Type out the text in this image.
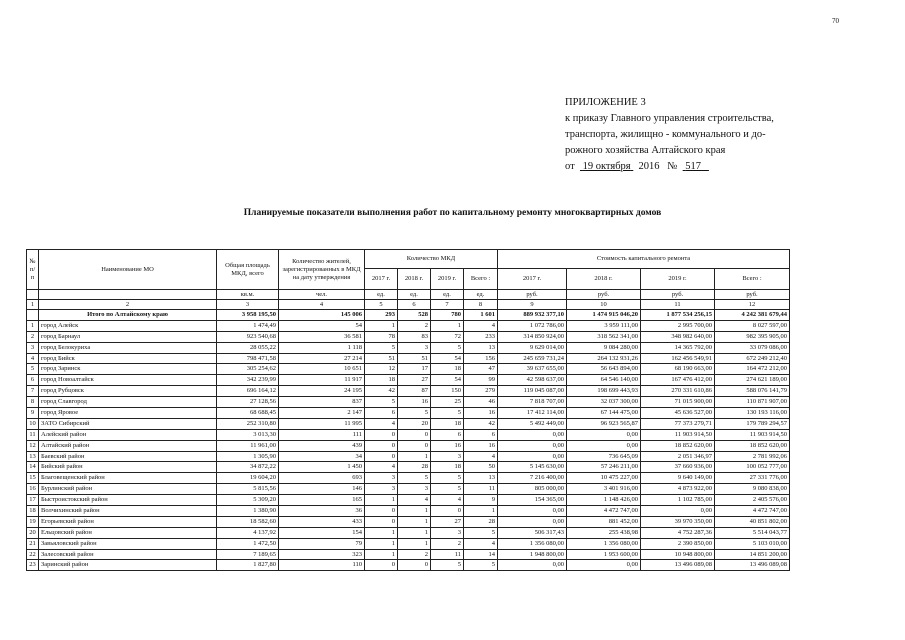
70
ПРИЛОЖЕНИЕ 3
к приказу Главного управления строительства,
транспорта, жилищно - коммунального и до-
рожного хозяйства Алтайского края
от 19 октября 2016 № 517
Планируемые показатели выполнения работ по капитальному ремонту многоквартирных домов
№ п/п	Наименование МО	Общая площадь МКД, всего	Количество жителей, зарегистрированных в МКД на дату утверждения	Количество МКД				Стоимость капитального ремонта			
				2017 г.	2018 г.	2019 г.	Всего :	2017 г.	2018 г.	2019 г.	Всего :
		кв.м.	чел.	ед.	ед.	ед.	ед.	руб.	руб.	руб.	руб.
1	2	3	4	5	6	7	8	9	10	11	12
	Итого по Алтайскому краю	3 958 195,50	145 006	293	528	780	1 601	889 932 377,10	1 474 915 046,20	1 877 534 256,15	4 242 381 679,44
1	город Алейск	1 474,49	54	1	2	1	4	1 072 786,00	3 959 111,00	2 995 700,00	8 027 597,00
2	город Барнаул	923 540,68	36 581	78	83	72	233	314 850 924,00	318 562 341,00	348 982 640,00	982 395 905,00
3	город Белокуриха	28 055,22	1 118	5	3	5	13	9 629 014,00	9 084 280,00	14 365 792,00	33 079 086,00
4	город Бийск	798 471,58	27 214	51	51	54	156	245 659 731,24	264 132 931,26	162 456 549,91	672 249 212,40
5	город Заринск	305 254,62	10 651	12	17	18	47	39 637 655,00	56 643 894,00	68 190 663,00	164 472 212,00
6	город Новоалтайск	342 239,99	11 917	18	27	54	99	42 598 637,00	64 546 140,00	167 476 412,00	274 621 189,00
7	город Рубцовск	696 164,12	24 195	42	87	150	279	119 045 087,00	198 699 443,93	270 331 610,86	588 076 141,79
8	город Славгород	27 128,56	837	5	16	25	46	7 818 707,00	32 037 300,00	71 015 900,00	110 871 907,00
9	город Яровое	68 688,45	2 147	6	5	5	16	17 412 114,00	67 144 475,00	45 636 527,00	130 193 116,00
10	ЗАТО Сибирский	252 310,80	11 995	4	20	18	42	5 492 449,00	96 923 565,87	77 373 279,71	179 789 294,57
11	Алейский район	3 013,30	111	0	0	6	6	0,00	0,00	11 903 914,50	11 903 914,50
12	Алтайский район	11 961,00	439	0	0	16	16	0,00	0,00	18 852 620,00	18 852 620,00
13	Баевский район	1 305,90	34	0	1	3	4	0,00	736 645,09	2 051 346,97	2 781 992,06
14	Бийский район	34 872,22	1 450	4	28	18	50	5 145 630,00	57 246 211,00	37 660 936,00	100 052 777,00
15	Благовещенский район	19 604,20	693	3	5	5	13	7 216 400,00	10 475 227,00	9 640 149,00	27 331 776,00
16	Бурлинский район	5 815,56	146	3	3	5	11	805 000,00	3 401 916,00	4 873 922,00	9 080 838,00
17	Быстроистокский район	5 309,20	165	1	4	4	9	154 365,00	1 148 426,00	1 102 785,00	2 405 576,00
18	Волчихинский район	1 380,90	36	0	1	0	1	0,00	4 472 747,00	0,00	4 472 747,00
19	Егорьевский район	18 582,60	433	0	1	27	28	0,00	881 452,00	39 970 350,00	40 851 802,00
20	Ельцовский район	4 137,92	154	1	1	3	5	506 317,43	255 438,98	4 752 287,36	5 514 043,77
21	Завьяловский район	1 472,50	79	1	1	2	4	1 356 080,00	1 356 080,00	2 390 850,00	5 103 010,00
22	Залесовский район	7 189,65	323	1	2	11	14	1 948 800,00	1 953 600,00	10 948 800,00	14 851 200,00
23	Заринский район	1 827,80	110	0	0	5	5	0,00	0,00	13 496 089,08	13 496 089,08
